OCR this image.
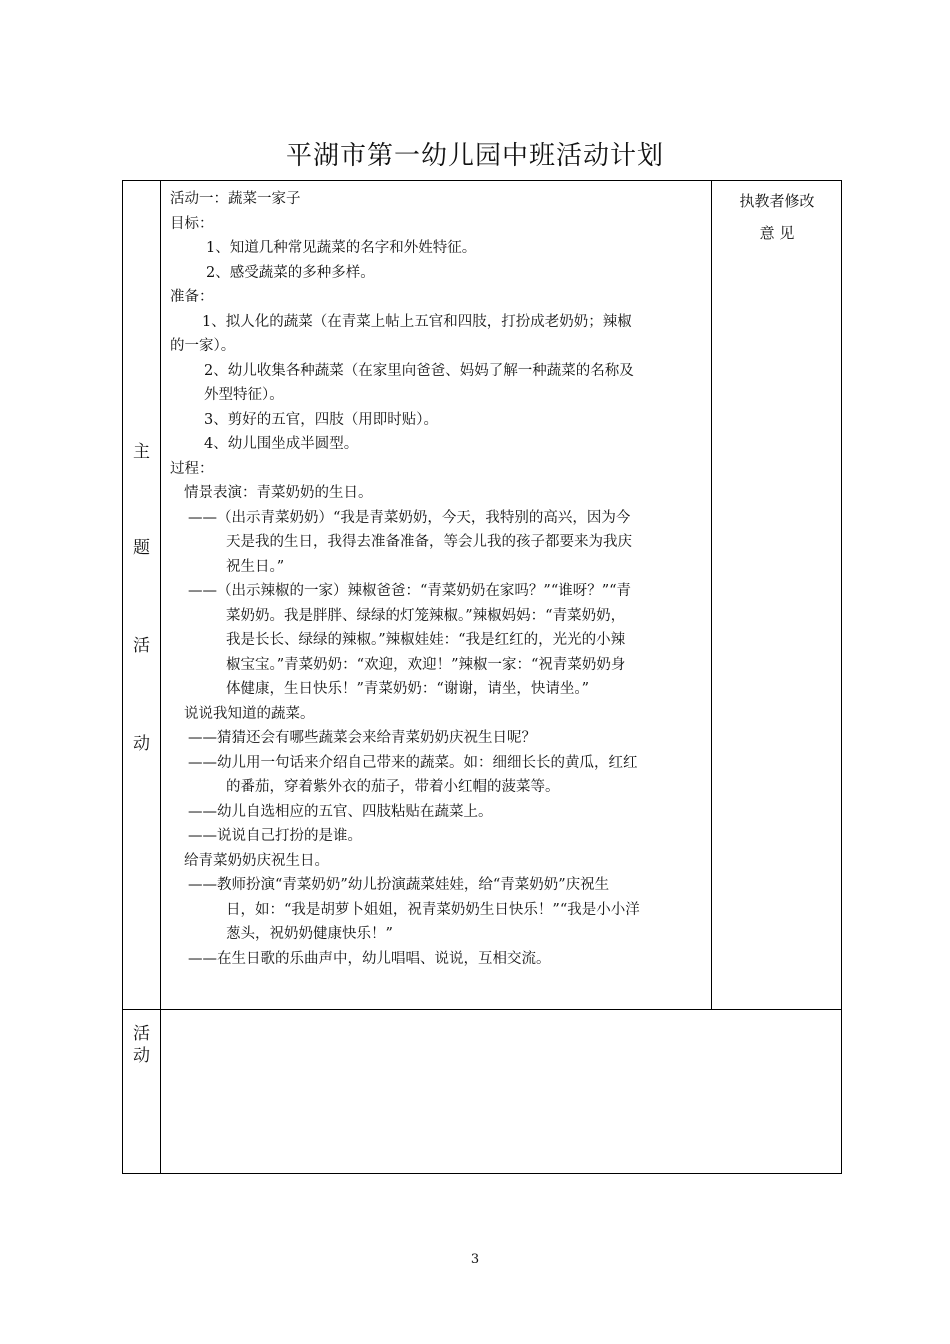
平湖市第一幼儿园中班活动计划
主
题
活
动

活动一：蔬菜一家子

目标：

1、知道几种常见蔬菜的名字和外姓特征。

2、感受蔬菜的多种多样。

准备：

1、拟人化的蔬菜（在青菜上帖上五官和四肢，打扮成老奶奶；辣椒

的一家）。

2、幼儿收集各种蔬菜（在家里向爸爸、妈妈了解一种蔬菜的名称及

外型特征）。

3、剪好的五官，四肢（用即时贴）。

4、幼儿围坐成半圆型。

过程：

情景表演：青菜奶奶的生日。

——（出示青菜奶奶）“我是青菜奶奶，今天，我特别的高兴，因为今

天是我的生日，我得去准备准备，等会儿我的孩子都要来为我庆

祝生日。”

——（出示辣椒的一家）辣椒爸爸：“青菜奶奶在家吗？”“谁呀？”“青

菜奶奶。我是胖胖、绿绿的灯笼辣椒。”辣椒妈妈：“青菜奶奶，

我是长长、绿绿的辣椒。”辣椒娃娃：“我是红红的，光光的小辣

椒宝宝。”青菜奶奶：“欢迎，欢迎！”辣椒一家：“祝青菜奶奶身

体健康，生日快乐！”青菜奶奶：“谢谢，请坐，快请坐。”

说说我知道的蔬菜。

——猜猜还会有哪些蔬菜会来给青菜奶奶庆祝生日呢？

——幼儿用一句话来介绍自己带来的蔬菜。如：细细长长的黄瓜，红红

的番茄，穿着紫外衣的茄子，带着小红帽的菠菜等。

——幼儿自选相应的五官、四肢粘贴在蔬菜上。

——说说自己打扮的是谁。

给青菜奶奶庆祝生日。

——教师扮演“青菜奶奶”幼儿扮演蔬菜娃娃，给“青菜奶奶”庆祝生

日，如：“我是胡萝卜姐姐，祝青菜奶奶生日快乐！”“我是小小洋

葱头，祝奶奶健康快乐！”

——在生日歌的乐曲声中，幼儿唱唱、说说，互相交流。

执教者修改
意 见
活
动
3
